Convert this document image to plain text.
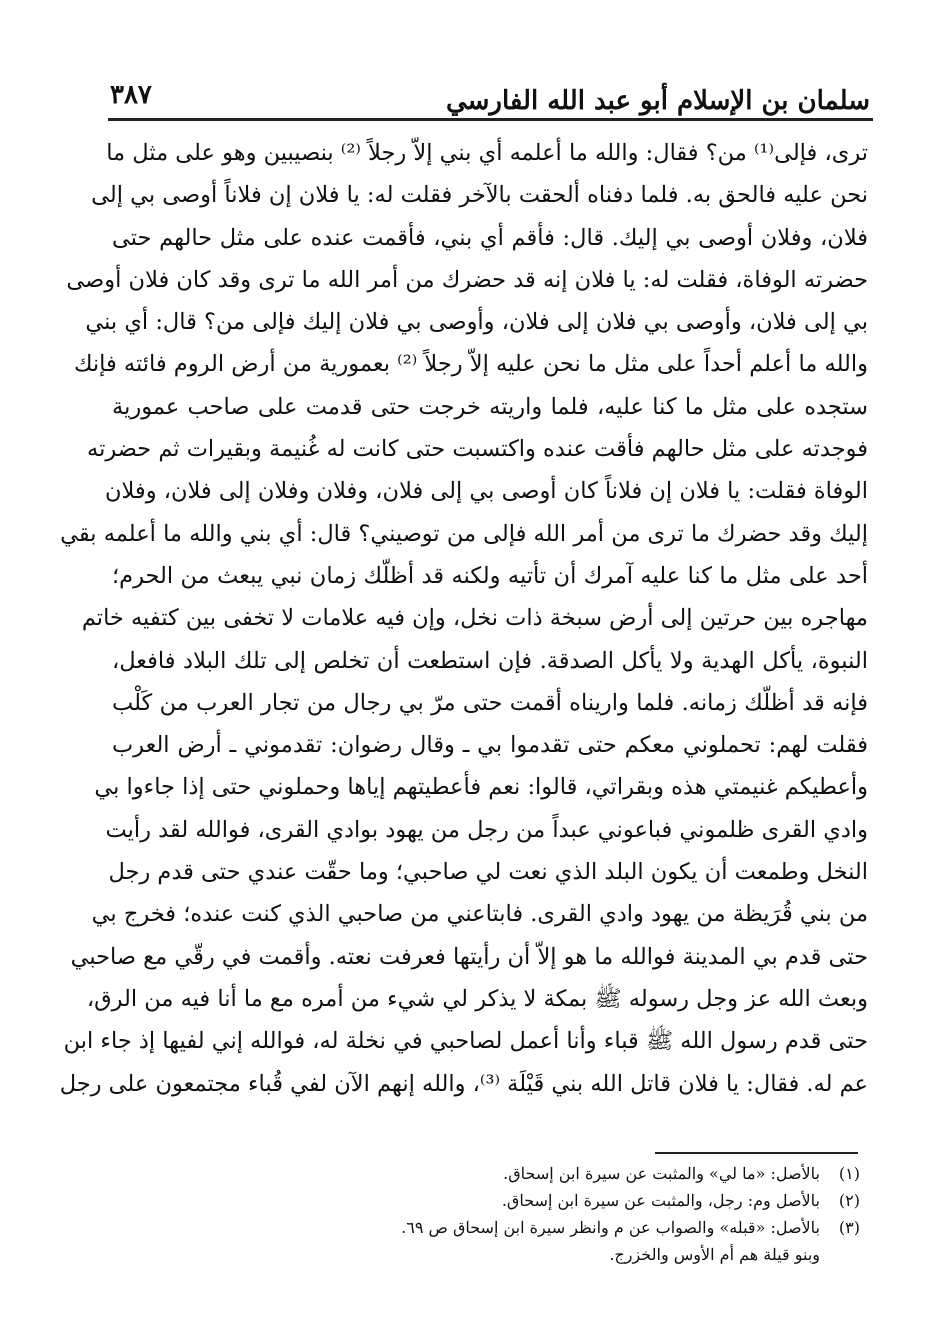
سلمان بن الإسلام أبو عبد الله الفارسي
٣٨٧
ترى، فإلى⁽¹⁾ من؟ فقال: والله ما أعلمه أي بني إلاّ رجلاً ⁽²⁾ بنصيبين وهو على مثل ما
نحن عليه فالحق به. فلما دفناه ألحقت بالآخر فقلت له: يا فلان إن فلاناً أوصى بي إلى
فلان، وفلان أوصى بي إليك. قال: فأقم أي بني، فأقمت عنده على مثل حالهم حتى
حضرته الوفاة، فقلت له: يا فلان إنه قد حضرك من أمر الله ما ترى وقد كان فلان أوصى
بي إلى فلان، وأوصى بي فلان إلى فلان، وأوصى بي فلان إليك فإلى من؟ قال: أي بني
والله ما أعلم أحداً على مثل ما نحن عليه إلاّ رجلاً ⁽²⁾ بعمورية من أرض الروم فائته فإنك
ستجده على مثل ما كنا عليه، فلما واريته خرجت حتى قدمت على صاحب عمورية
فوجدته على مثل حالهم فأقت عنده واكتسبت حتى كانت له غُنيمة وبقيرات ثم حضرته
الوفاة فقلت: يا فلان إن فلاناً كان أوصى بي إلى فلان، وفلان وفلان إلى فلان، وفلان
إليك وقد حضرك ما ترى من أمر الله فإلى من توصيني؟ قال: أي بني والله ما أعلمه بقي
أحد على مثل ما كنا عليه آمرك أن تأتيه ولكنه قد أظلّك زمان نبي يبعث من الحرم؛
مهاجره بين حرتين إلى أرض سبخة ذات نخل، وإن فيه علامات لا تخفى بين كتفيه خاتم
النبوة، يأكل الهدية ولا يأكل الصدقة. فإن استطعت أن تخلص إلى تلك البلاد فافعل،
فإنه قد أظلّك زمانه. فلما واريناه أقمت حتى مرّ بي رجال من تجار العرب من كَلْب
فقلت لهم: تحملوني معكم حتى تقدموا بي ـ وقال رضوان: تقدموني ـ أرض العرب
وأعطيكم غنيمتي هذه وبقراتي، قالوا: نعم فأعطيتهم إياها وحملوني حتى إذا جاءوا بي
وادي القرى ظلموني فباعوني عبداً من رجل من يهود بوادي القرى، فوالله لقد رأيت
النخل وطمعت أن يكون البلد الذي نعت لي صاحبي؛ وما حقّت عندي حتى قدم رجل
من بني قُرَيظة من يهود وادي القرى. فابتاعني من صاحبي الذي كنت عنده؛ فخرج بي
حتى قدم بي المدينة فوالله ما هو إلاّ أن رأيتها فعرفت نعته. وأقمت في رقّي مع صاحبي
وبعث الله عز وجل رسوله ﷺ بمكة لا يذكر لي شيء من أمره مع ما أنا فيه من الرق،
حتى قدم رسول الله ﷺ قباء وأنا أعمل لصاحبي في نخلة له، فوالله إني لفيها إذ جاء ابن
عم له. فقال: يا فلان قاتل الله بني قَيْلَة ⁽³⁾، والله إنهم الآن لفي قُباء مجتمعون على رجل
(١)
بالأصل: «ما لي» والمثبت عن سيرة ابن إسحاق.
(٢)
بالأصل وم: رجل، والمثبت عن سيرة ابن إسحاق.
(٣)
بالأصل: «قبله» والصواب عن م وانظر سيرة ابن إسحاق ص ٦٩.
وبنو قيلة هم أم الأوس والخزرج.
